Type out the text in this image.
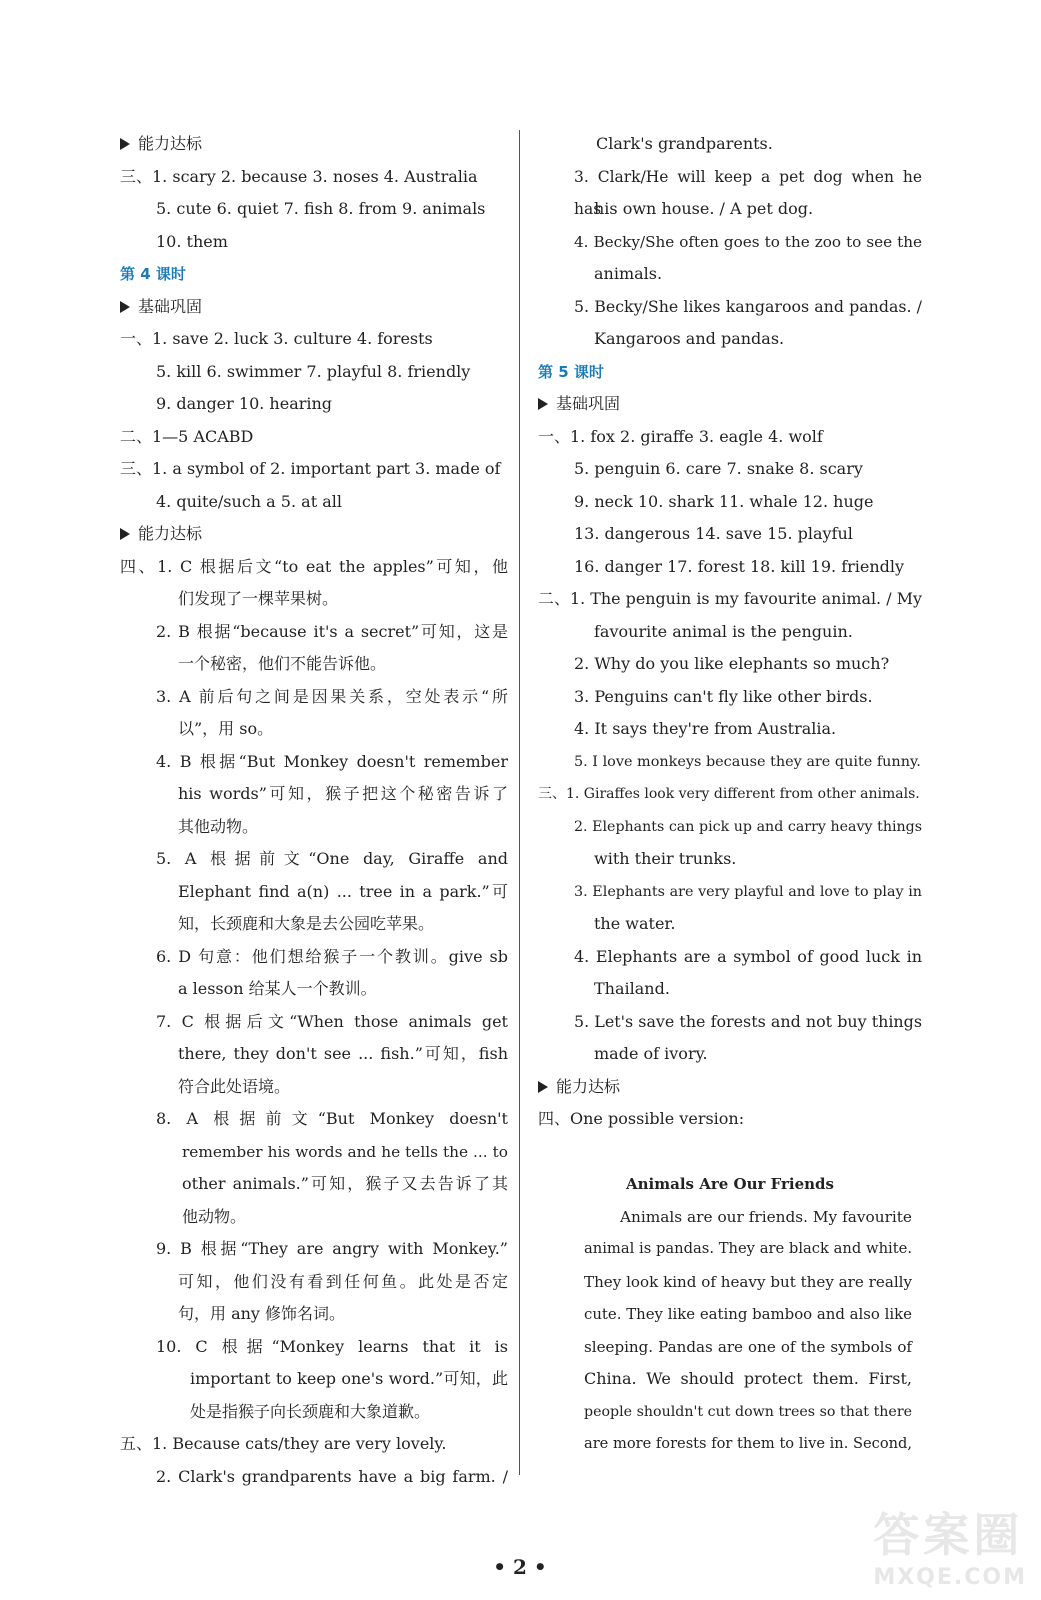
能力达标
三、1. scary 2. because 3. noses 4. Australia
5. cute 6. quiet 7. fish 8. from 9. animals
10. them
第 4 课时
基础巩固
一、1. save 2. luck 3. culture 4. forests
5. kill 6. swimmer 7. playful 8. friendly
9. danger 10. hearing
二、1—5 ACABD
三、1. a symbol of 2. important part 3. made of
4. quite/such a 5. at all
能力达标
四、1. C 根据后文“to eat the apples”可知，他
们发现了一棵苹果树。
2. B 根据“because it's a secret”可知，这是
一个秘密，他们不能告诉他。
3. A 前后句之间是因果关系，空处表示“所
以”，用 so。
4. B 根据“But Monkey doesn't remember
his words”可知，猴子把这个秘密告诉了
其他动物。
5. A 根据前文“One day, Giraffe and
Elephant find a(n) ... tree in a park.”可
知，长颈鹿和大象是去公园吃苹果。
6. D 句意：他们想给猴子一个教训。give sb
a lesson 给某人一个教训。
7. C 根据后文“When those animals get
there, they don't see ... fish.”可知，fish
符合此处语境。
8. A 根据前文“But Monkey doesn't
remember his words and he tells the ... to
other animals.”可知，猴子又去告诉了其
他动物。
9. B 根据“They are angry with Monkey.”
可知，他们没有看到任何鱼。此处是否定
句，用 any 修饰名词。
10. C 根据“Monkey learns that it is
important to keep one's word.”可知，此
处是指猴子向长颈鹿和大象道歉。
五、1. Because cats/they are very lovely.
2. Clark's grandparents have a big farm. /
Clark's grandparents.
3. Clark/He will keep a pet dog when he has
his own house. / A pet dog.
4. Becky/She often goes to the zoo to see the
animals.
5. Becky/She likes kangaroos and pandas. /
Kangaroos and pandas.
第 5 课时
基础巩固
一、1. fox 2. giraffe 3. eagle 4. wolf
5. penguin 6. care 7. snake 8. scary
9. neck 10. shark 11. whale 12. huge
13. dangerous 14. save 15. playful
16. danger 17. forest 18. kill 19. friendly
二、1. The penguin is my favourite animal. / My
favourite animal is the penguin.
2. Why do you like elephants so much?
3. Penguins can't fly like other birds.
4. It says they're from Australia.
5. I love monkeys because they are quite funny.
三、1. Giraffes look very different from other animals.
2. Elephants can pick up and carry heavy things
with their trunks.
3. Elephants are very playful and love to play in
the water.
4. Elephants are a symbol of good luck in
Thailand.
5. Let's save the forests and not buy things
made of ivory.
能力达标
四、One possible version:
Animals Are Our Friends
Animals are our friends. My favourite
animal is pandas. They are black and white.
They look kind of heavy but they are really
cute. They like eating bamboo and also like
sleeping. Pandas are one of the symbols of
China. We should protect them. First,
people shouldn't cut down trees so that there
are more forests for them to live in. Second,
• 2 •
答案圈
MXQE.COM
